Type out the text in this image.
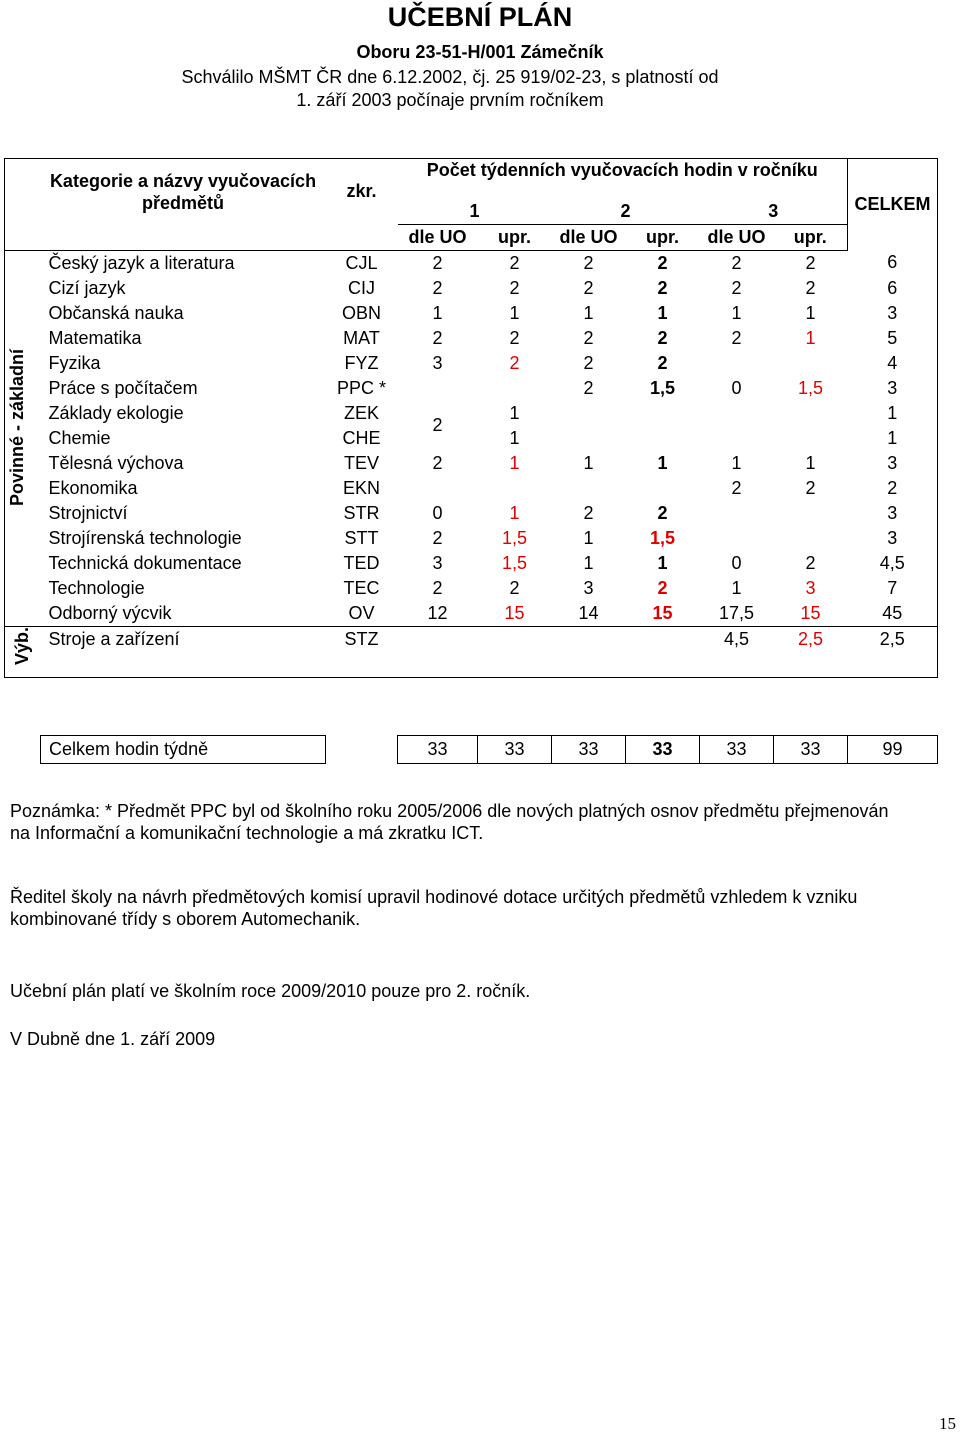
UČEBNÍ PLÁN
Oboru 23-51-H/001 Zámečník
Schválilo MŠMT ČR dne 6.12.2002, čj. 25 919/02-23, s platností od 1. září 2003 počínaje prvním ročníkem
	Kategorie a názvy vyučovacích předmětů	zkr.	Počet týdenních vyučovacích hodin v ročníku						CELKEM
			1		2		3		
			dle UO	upr.	dle UO	upr.	dle UO	upr.	

Povinné - základní	Český jazyk a literatura	CJL	2	2	2	2	2	2	6
	Cizí jazyk	CIJ	2	2	2	2	2	2	6
	Občanská nauka	OBN	1	1	1	1	1	1	3
	Matematika	MAT	2	2	2	2	2	1	5
	Fyzika	FYZ	3	2	2	2			4
	Práce s počítačem	PPC *			2	1,5	0	1,5	3
	Základy ekologie	ZEK	2	1					1
	Chemie	CHE		1					1
	Tělesná výchova	TEV	2	1	1	1	1	1	3
	Ekonomika	EKN					2	2	2
	Strojnictví	STR	0	1	2	2			3
	Strojírenská technologie	STT	2	1,5	1	1,5			3
	Technická dokumentace	TED	3	1,5	1	1	0	2	4,5
	Technologie	TEC	2	2	3	2	1	3	7
	Odborný výcvik	OV	12	15	14	15	17,5	15	45

Výb.	Stroje a zařízení	STZ					4,5	2,5	2,5

Celkem hodin týdně		33	33	33	33	33	33	99
Poznámka: * Předmět PPC byl od školního roku 2005/2006 dle nových platných osnov předmětu přejmenován na Informační a komunikační technologie a má zkratku ICT.
Ředitel školy na návrh předmětových komisí upravil hodinové dotace určitých předmětů vzhledem k vzniku kombinované třídy s oborem Automechanik.
Učební plán platí ve školním roce 2009/2010 pouze pro 2. ročník.
V Dubně dne 1. září 2009
15
